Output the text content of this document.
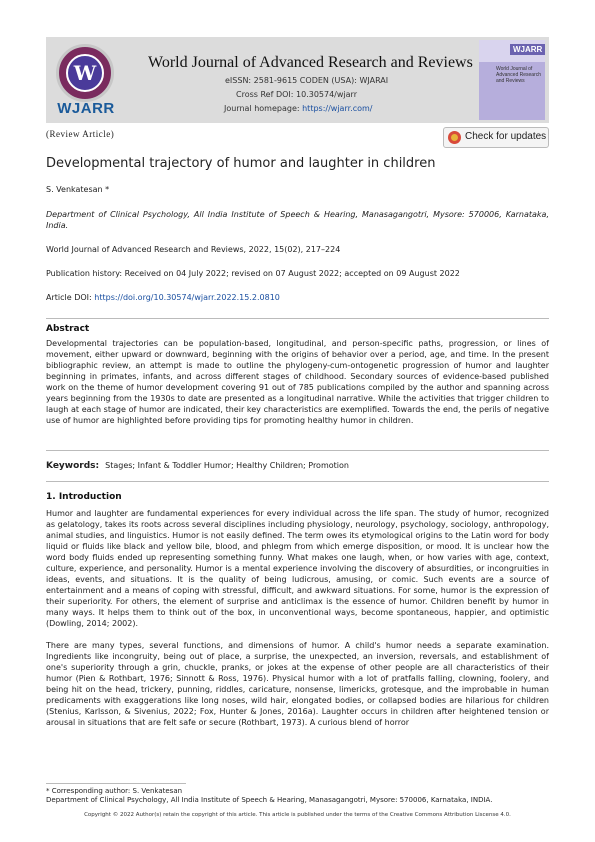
W
WJARR
World Journal of Advanced Research and Reviews
eISSN: 2581-9615 CODEN (USA): WJARAI
Cross Ref DOI: 10.30574/wjarr
Journal homepage: https://wjarr.com/
WJARR
World Journal of Advanced Research and Reviews
(Review Article)	Check for updates
Developmental trajectory of humor and laughter in children
S. Venkatesan *
Department of Clinical Psychology, All India Institute of Speech & Hearing, Manasagangotri, Mysore: 570006, Karnataka, India.
World Journal of Advanced Research and Reviews, 2022, 15(02), 217–224
Publication history: Received on 04 July 2022; revised on 07 August 2022; accepted on 09 August 2022
Article DOI: https://doi.org/10.30574/wjarr.2022.15.2.0810
Abstract
Developmental trajectories can be population-based, longitudinal, and person-specific paths, progression, or lines of movement, either upward or downward, beginning with the origins of behavior over a period, age, and time. In the present bibliographic review, an attempt is made to outline the phylogeny-cum-ontogenetic progression of humor and laughter beginning in primates, infants, and across different stages of childhood. Secondary sources of evidence-based published work on the theme of humor development covering 91 out of 785 publications compiled by the author and spanning across years beginning from the 1930s to date are presented as a longitudinal narrative. While the activities that trigger children to laugh at each stage of humor are indicated, their key characteristics are exemplified. Towards the end, the perils of negative use of humor are highlighted before providing tips for promoting healthy humor in children.
Keywords: Stages; Infant & Toddler Humor; Healthy Children; Promotion
1. Introduction

Humor and laughter are fundamental experiences for every individual across the life span. The study of humor, recognized as gelatology, takes its roots across several disciplines including physiology, neurology, psychology, sociology, anthropology, animal studies, and linguistics. Humor is not easily defined. The term owes its etymological origins to the Latin word for body liquid or fluids like black and yellow bile, blood, and phlegm from which emerge disposition, or mood. It is unclear how the word body fluids ended up representing something funny. What makes one laugh, when, or how varies with age, context, culture, experience, and personality. Humor is a mental experience involving the discovery of absurdities, or incongruities in ideas, events, and situations. It is the quality of being ludicrous, amusing, or comic. Such events are a source of entertainment and a means of coping with stressful, difficult, and awkward situations. For some, humor is the expression of their superiority. For others, the element of surprise and anticlimax is the essence of humor. Children benefit by humor in many ways. It helps them to think out of the box, in unconventional ways, become spontaneous, happier, and optimistic (Dowling, 2014; 2002).

There are many types, several functions, and dimensions of humor. A child's humor needs a separate examination. Ingredients like incongruity, being out of place, a surprise, the unexpected, an inversion, reversals, and establishment of one's superiority through a grin, chuckle, pranks, or jokes at the expense of other people are all characteristics of their humor (Pien & Rothbart, 1976; Sinnott & Ross, 1976). Physical humor with a lot of pratfalls falling, clowning, foolery, and being hit on the head, trickery, punning, riddles, caricature, nonsense, limericks, grotesque, and the improbable in human predicaments with exaggerations like long noses, wild hair, elongated bodies, or collapsed bodies are hilarious for children (Stenius, Karlsson, & Sivenius, 2022; Fox, Hunter & Jones, 2016a). Laughter occurs in children after heightened tension or arousal in situations that are felt safe or secure (Rothbart, 1973). A curious blend of horror

* Corresponding author: S. Venkatesan
Department of Clinical Psychology, All India Institute of Speech & Hearing, Manasagangotri, Mysore: 570006, Karnataka, INDIA.
Copyright © 2022 Author(s) retain the copyright of this article. This article is published under the terms of the Creative Commons Attribution Liscense 4.0.
